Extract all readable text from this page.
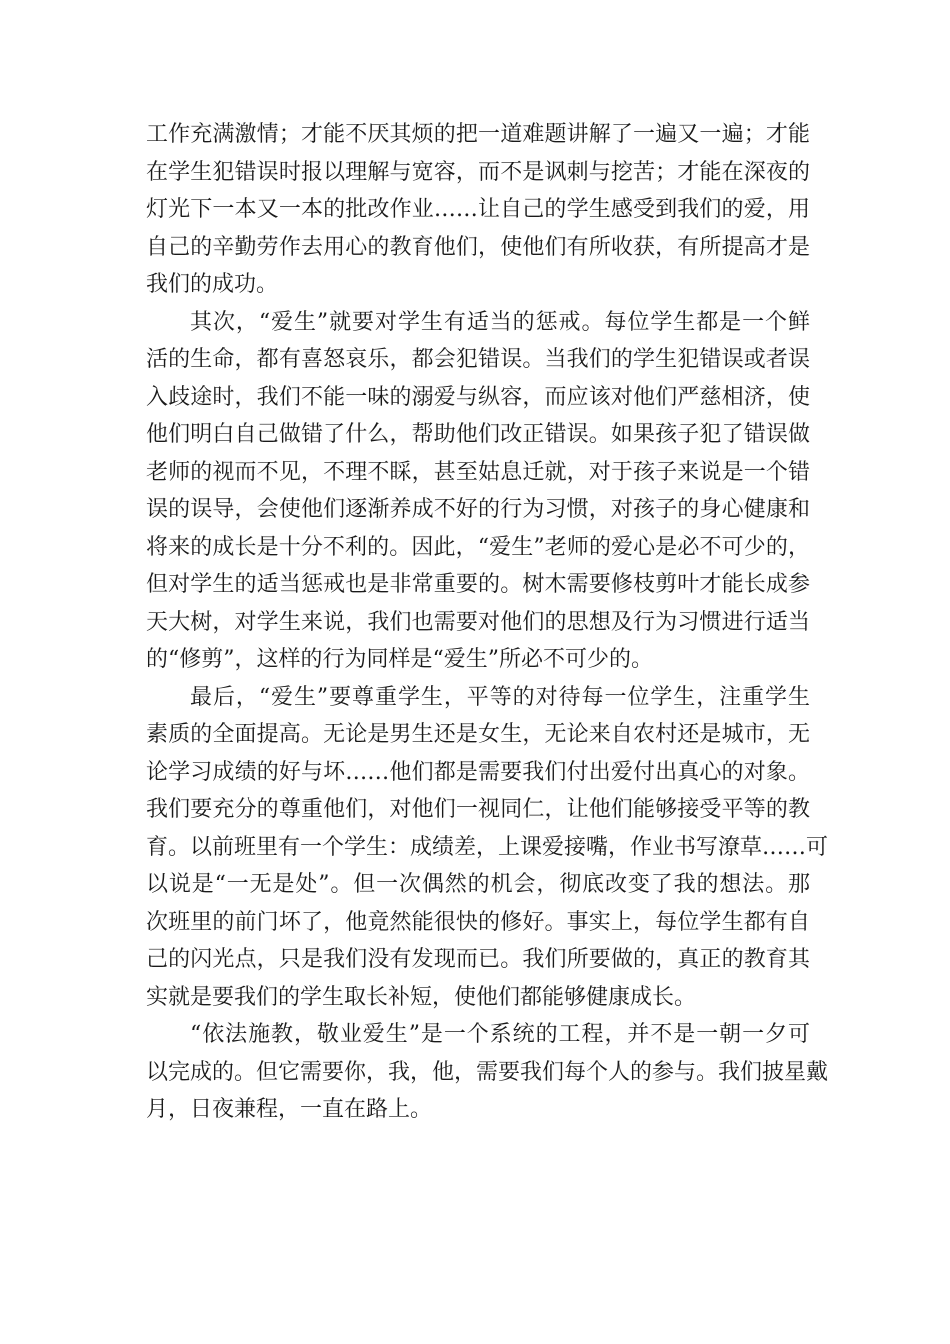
工作充满激情；才能不厌其烦的把一道难题讲解了一遍又一遍；才能
在学生犯错误时报以理解与宽容，而不是讽刺与挖苦；才能在深夜的
灯光下一本又一本的批改作业……让自己的学生感受到我们的爱，用
自己的辛勤劳作去用心的教育他们，使他们有所收获，有所提高才是
我们的成功。
其次，“爱生”就要对学生有适当的惩戒。每位学生都是一个鲜
活的生命，都有喜怒哀乐，都会犯错误。当我们的学生犯错误或者误
入歧途时，我们不能一味的溺爱与纵容，而应该对他们严慈相济，使
他们明白自己做错了什么，帮助他们改正错误。如果孩子犯了错误做
老师的视而不见，不理不睬，甚至姑息迁就，对于孩子来说是一个错
误的误导，会使他们逐渐养成不好的行为习惯，对孩子的身心健康和
将来的成长是十分不利的。因此，“爱生”老师的爱心是必不可少的，
但对学生的适当惩戒也是非常重要的。树木需要修枝剪叶才能长成参
天大树，对学生来说，我们也需要对他们的思想及行为习惯进行适当
的“修剪”，这样的行为同样是“爱生”所必不可少的。
最后，“爱生”要尊重学生，平等的对待每一位学生，注重学生
素质的全面提高。无论是男生还是女生，无论来自农村还是城市，无
论学习成绩的好与坏……他们都是需要我们付出爱付出真心的对象。
我们要充分的尊重他们，对他们一视同仁，让他们能够接受平等的教
育。以前班里有一个学生：成绩差，上课爱接嘴，作业书写潦草……可
以说是“一无是处”。但一次偶然的机会，彻底改变了我的想法。那
次班里的前门坏了，他竟然能很快的修好。事实上，每位学生都有自
己的闪光点，只是我们没有发现而已。我们所要做的，真正的教育其
实就是要我们的学生取长补短，使他们都能够健康成长。
“依法施教，敬业爱生”是一个系统的工程，并不是一朝一夕可
以完成的。但它需要你，我，他，需要我们每个人的参与。我们披星戴
月，日夜兼程，一直在路上。
